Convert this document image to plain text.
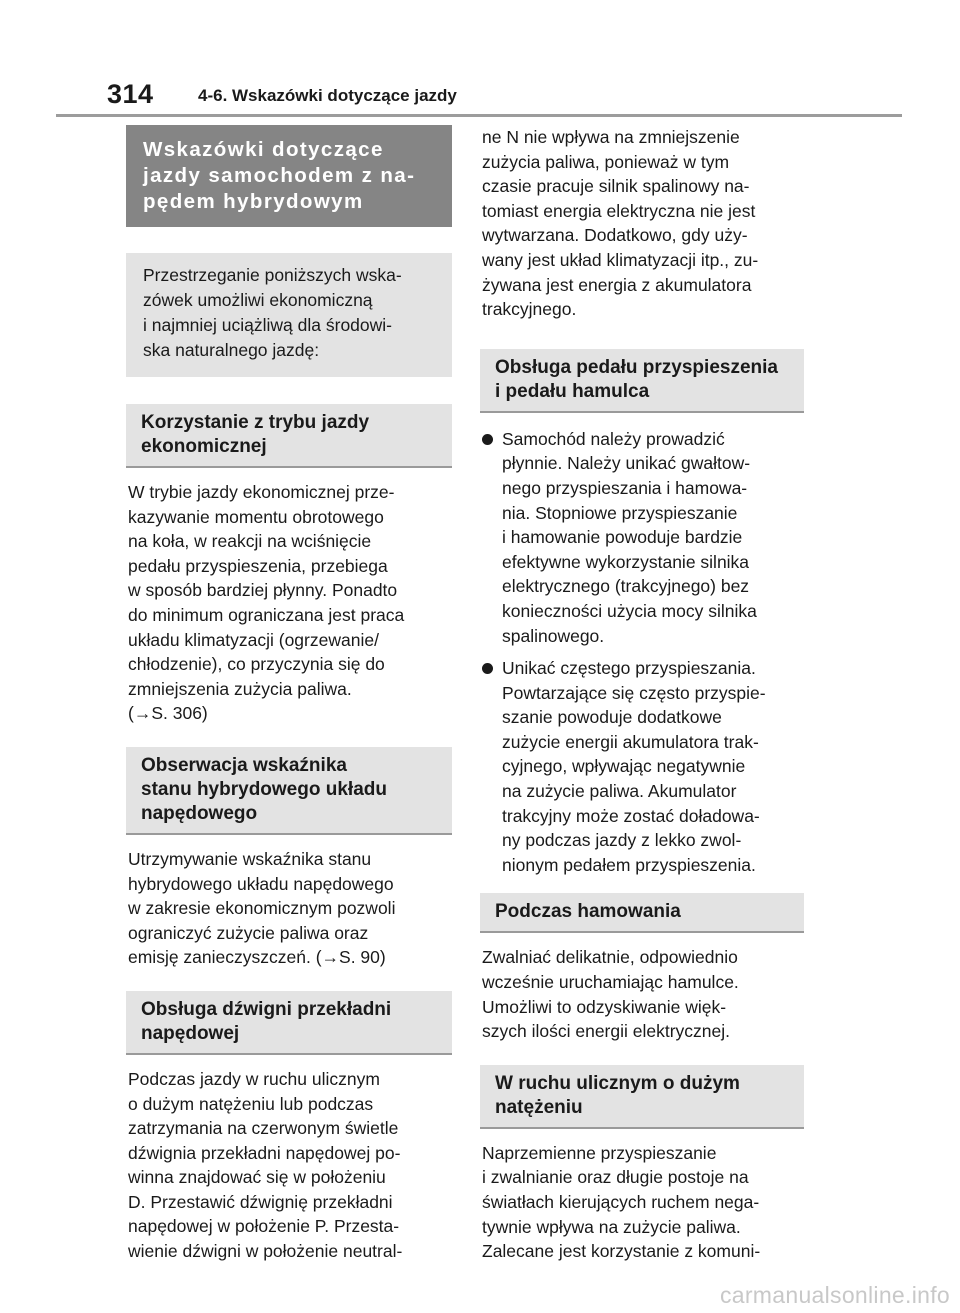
314	4-6. Wskazówki dotyczące jazdy
Wskazówki dotyczące
jazdy samochodem z na-
pędem hybrydowym
Przestrzeganie poniższych wska-
zówek umożliwi ekonomiczną
i najmniej uciążliwą dla środowi-
ska naturalnego jazdę:
Korzystanie z trybu jazdy
ekonomicznej
W trybie jazdy ekonomicznej prze-
kazywanie momentu obrotowego
na koła, w reakcji na wciśnięcie
pedału przyspieszenia, przebiega
w sposób bardziej płynny. Ponadto
do minimum ograniczana jest praca
układu klimatyzacji (ogrzewanie/
chłodzenie), co przyczynia się do
zmniejszenia zużycia paliwa.
(→S. 306)
Obserwacja wskaźnika
stanu hybrydowego układu
napędowego
Utrzymywanie wskaźnika stanu
hybrydowego układu napędowego
w zakresie ekonomicznym pozwoli
ograniczyć zużycie paliwa oraz
emisję zanieczyszczeń. (→S. 90)
Obsługa dźwigni przekładni
napędowej
Podczas jazdy w ruchu ulicznym
o dużym natężeniu lub podczas
zatrzymania na czerwonym świetle
dźwignia przekładni napędowej po-
winna znajdować się w położeniu
D. Przestawić dźwignię przekładni
napędowej w położenie P. Przesta-
wienie dźwigni w położenie neutral-
ne N nie wpływa na zmniejszenie
zużycia paliwa, ponieważ w tym
czasie pracuje silnik spalinowy na-
tomiast energia elektryczna nie jest
wytwarzana. Dodatkowo, gdy uży-
wany jest układ klimatyzacji itp., zu-
żywana jest energia z akumulatora
trakcyjnego.
Obsługa pedału przyspieszenia
i pedału hamulca
Samochód należy prowadzić
płynnie. Należy unikać gwałtow-
nego przyspieszania i hamowa-
nia. Stopniowe przyspieszanie
i hamowanie powoduje bardzie
efektywne wykorzystanie silnika
elektrycznego (trakcyjnego) bez
konieczności użycia mocy silnika
spalinowego.
Unikać częstego przyspieszania.
Powtarzające się często przyspie-
szanie powoduje dodatkowe
zużycie energii akumulatora trak-
cyjnego, wpływając negatywnie
na zużycie paliwa. Akumulator
trakcyjny może zostać doładowa-
ny podczas jazdy z lekko zwol-
nionym pedałem przyspieszenia.
Podczas hamowania
Zwalniać delikatnie, odpowiednio
wcześnie uruchamiając hamulce.
Umożliwi to odzyskiwanie więk-
szych ilości energii elektrycznej.
W ruchu ulicznym o dużym
natężeniu
Naprzemienne przyspieszanie
i zwalnianie oraz długie postoje na
światłach kierujących ruchem nega-
tywnie wpływa na zużycie paliwa.
Zalecane jest korzystanie z komuni-
carmanualsonline.info
